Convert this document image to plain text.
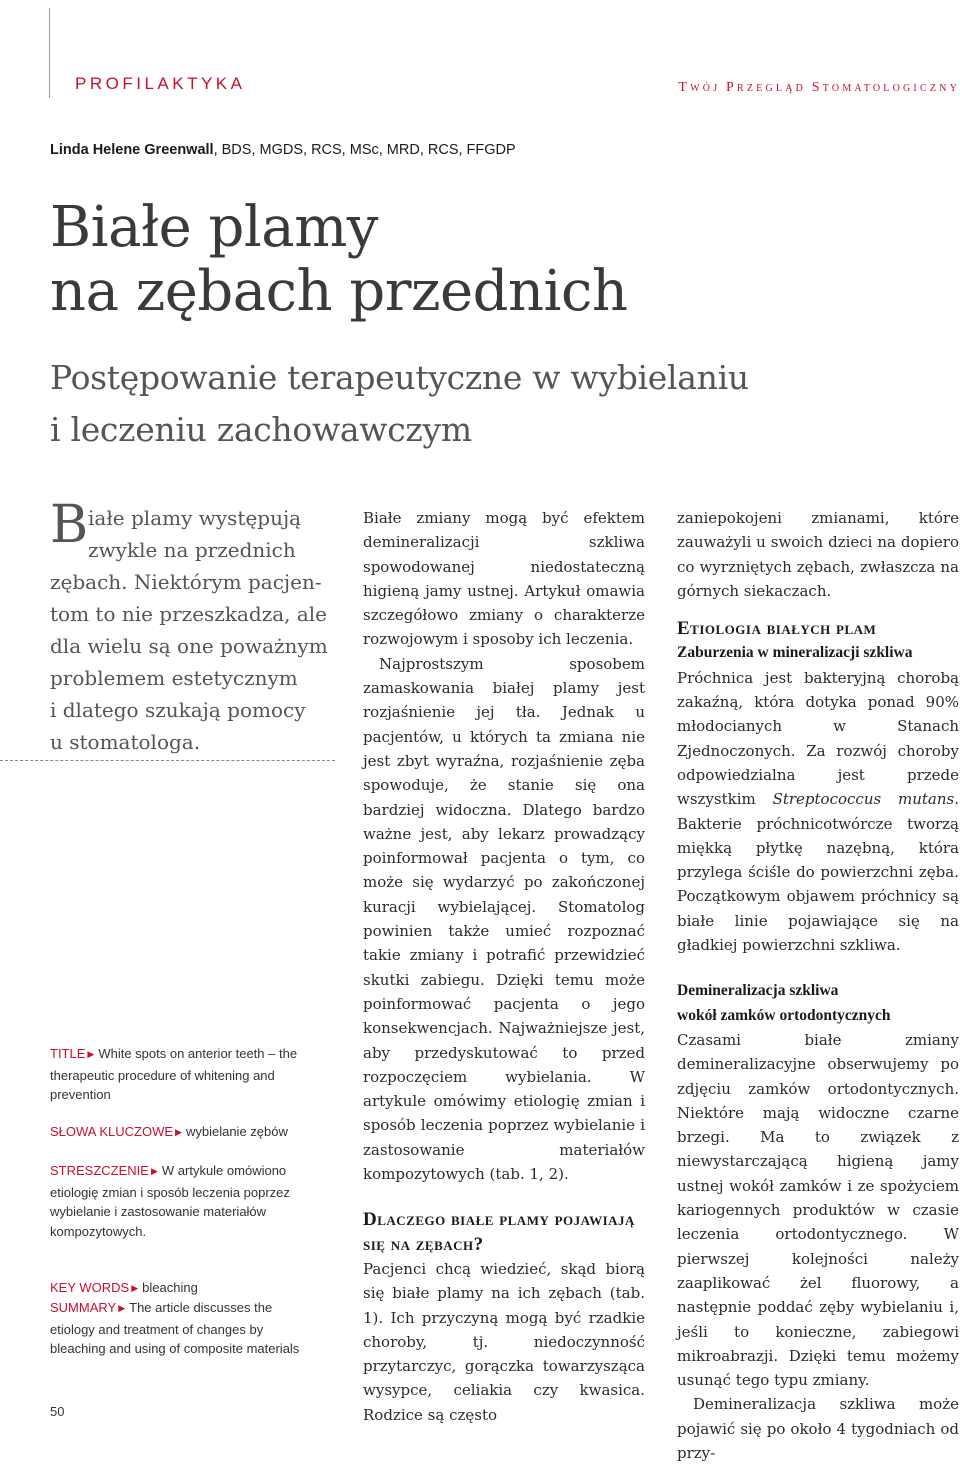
PROFILAKTYKA	TWÓJ PRZEGLĄD STOMATOLOGICZNY
Linda Helene Greenwall, BDS, MGDS, RCS, MSc, MRD, RCS, FFGDP
Białe plamy
na zębach przednich
Postępowanie terapeutyczne w wybielaniu
i leczeniu zachowawczym
B iałe plamy występują
zwykle na przednich
zębach. Niektórym pacjen-
tom to nie przeszkadza, ale
dla wielu są one poważnym
problemem estetycznym
i dlatego szukają pomocy
u stomatologa.
TITLE ▶ White spots on anterior teeth – the therapeutic procedure of whitening and prevention
SŁOWA KLUCZOWE ▶ wybielanie zębów
STRESZCZENIE ▶ W artykule omówiono etiologię zmian i sposób leczenia poprzez wybielanie i zastosowanie materiałów kompozytowych.
KEY WORDS ▶ bleaching
SUMMARY ▶ The article discusses the etiology and treatment of changes by bleaching and using of composite materials

Białe zmiany mogą być efektem demineralizacji szkliwa spowodowanej niedostateczną higieną jamy ustnej. Artykuł omawia szczegółowo zmiany o charakterze rozwojowym i sposoby ich leczenia.

Najprostszym sposobem zamaskowania białej plamy jest rozjaśnienie jej tła. Jednak u pacjentów, u których ta zmiana nie jest zbyt wyraźna, rozjaśnienie zęba spowoduje, że stanie się ona bardziej widoczna. Dlatego bardzo ważne jest, aby lekarz prowadzący poinformował pacjenta o tym, co może się wydarzyć po zakończonej kuracji wybielającej. Stomatolog powinien także umieć rozpoznać takie zmiany i potrafić przewidzieć skutki zabiegu. Dzięki temu może poinformować pacjenta o jego konsekwencjach. Najważniejsze jest, aby przedyskutować to przed rozpoczęciem wybielania. W artykule omówimy etiologię zmian i sposób leczenia poprzez wybielanie i zastosowanie materiałów kompozytowych (tab. 1, 2).

Dlaczego białe plamy pojawiają się na zębach?

Pacjenci chcą wiedzieć, skąd biorą się białe plamy na ich zębach (tab. 1). Ich przyczyną mogą być rzadkie choroby, tj. niedoczynność przytarczyc, gorączka towarzysząca wysypce, celiakia czy kwasica. Rodzice są często

zaniepokojeni zmianami, które zauważyli u swoich dzieci na dopiero co wyrzniętych zębach, zwłaszcza na górnych siekaczach.

Etiologia białych plam
Zaburzenia w mineralizacji szkliwa

Próchnica jest bakteryjną chorobą zakaźną, która dotyka ponad 90% młodocianych w Stanach Zjednoczonych. Za rozwój choroby odpowiedzialna jest przede wszystkim Streptococcus mutans. Bakterie próchnicotwórcze tworzą miękką płytkę nazębną, która przylega ściśle do powierzchni zęba. Początkowym objawem próchnicy są białe linie pojawiające się na gładkiej powierzchni szkliwa.

Demineralizacja szkliwa
wokół zamków ortodontycznych

Czasami białe zmiany demineralizacyjne obserwujemy po zdjęciu zamków ortodontycznych. Niektóre mają widoczne czarne brzegi. Ma to związek z niewystarczającą higieną jamy ustnej wokół zamków i ze spożyciem kariogennych produktów w czasie leczenia ortodontycznego. W pierwszej kolejności należy zaaplikować żel fluorowy, a następnie poddać zęby wybielaniu i, jeśli to konieczne, zabiegowi mikroabrazji. Dzięki temu możemy usunąć tego typu zmiany.

Demineralizacja szkliwa może pojawić się po około 4 tygodniach od przy-

50
